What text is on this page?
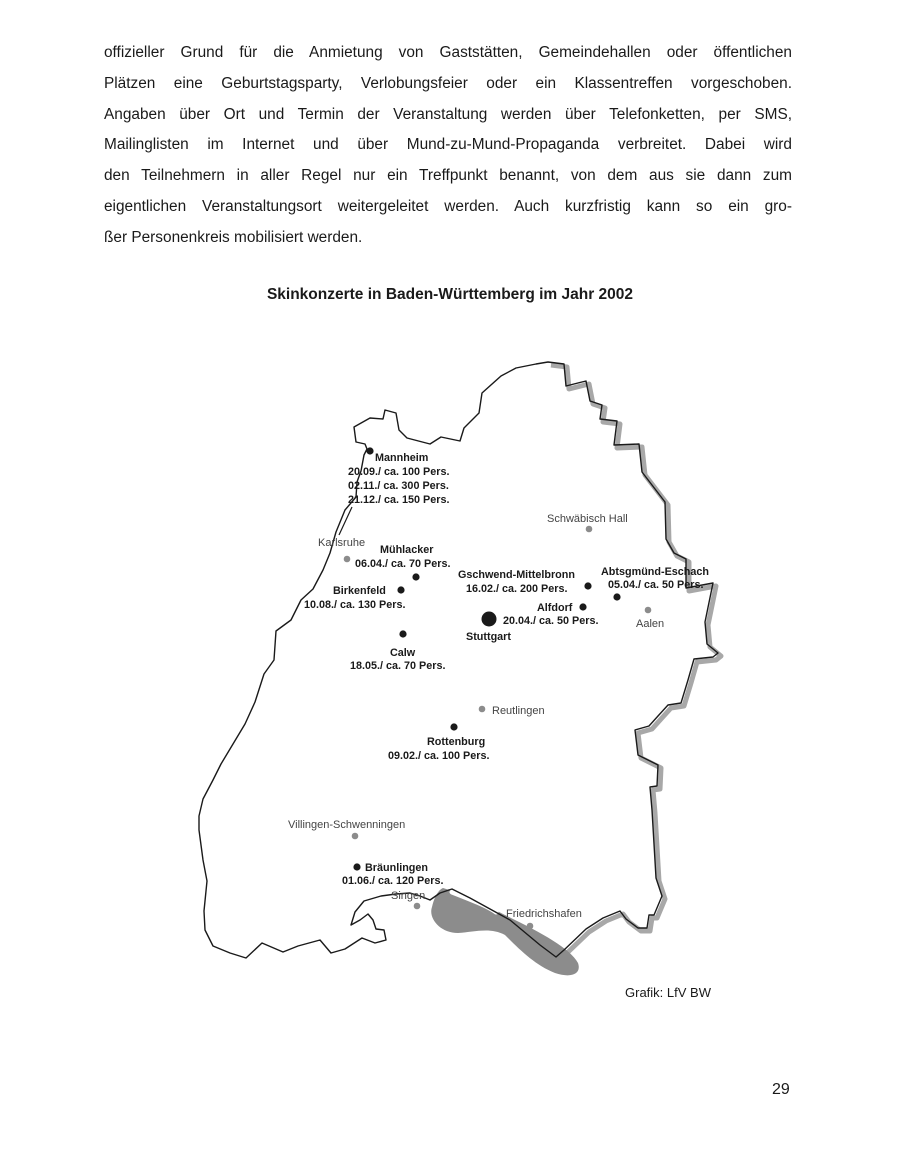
offizieller Grund für die Anmietung von Gaststätten, Gemeindehallen oder öffentlichen
Plätzen eine Geburtstagsparty, Verlobungsfeier oder ein Klassentreffen vorgeschoben.
Angaben über Ort und Termin der Veranstaltung werden über Telefonketten, per SMS,
Mailinglisten im Internet und über Mund-zu-Mund-Propaganda verbreitet. Dabei wird
den Teilnehmern in aller Regel nur ein Treffpunkt benannt, von dem aus sie dann zum
eigentlichen Veranstaltungsort weitergeleitet werden. Auch kurzfristig kann so ein gro-
ßer Personenkreis mobilisiert werden.
Skinkonzerte in Baden-Württemberg im Jahr 2002
Mannheim
20.09./ ca. 100 Pers.
02.11./ ca. 300 Pers.
21.12./ ca. 150 Pers.
Mühlacker
06.04./ ca. 70 Pers.
Birkenfeld
10.08./ ca. 130 Pers.
Calw
18.05./ ca. 70 Pers.
Gschwend-Mittelbronn
16.02./ ca. 200 Pers.
Abtsgmünd-Eschach
05.04./ ca. 50 Pers.
Alfdorf
20.04./ ca. 50 Pers.
Stuttgart
Rottenburg
09.02./ ca. 100 Pers.
Bräunlingen
01.06./ ca. 120 Pers.
Karlsruhe
Schwäbisch Hall
Aalen
Reutlingen
Villingen-Schwenningen
Singen
Friedrichshafen
Grafik: LfV BW
29
